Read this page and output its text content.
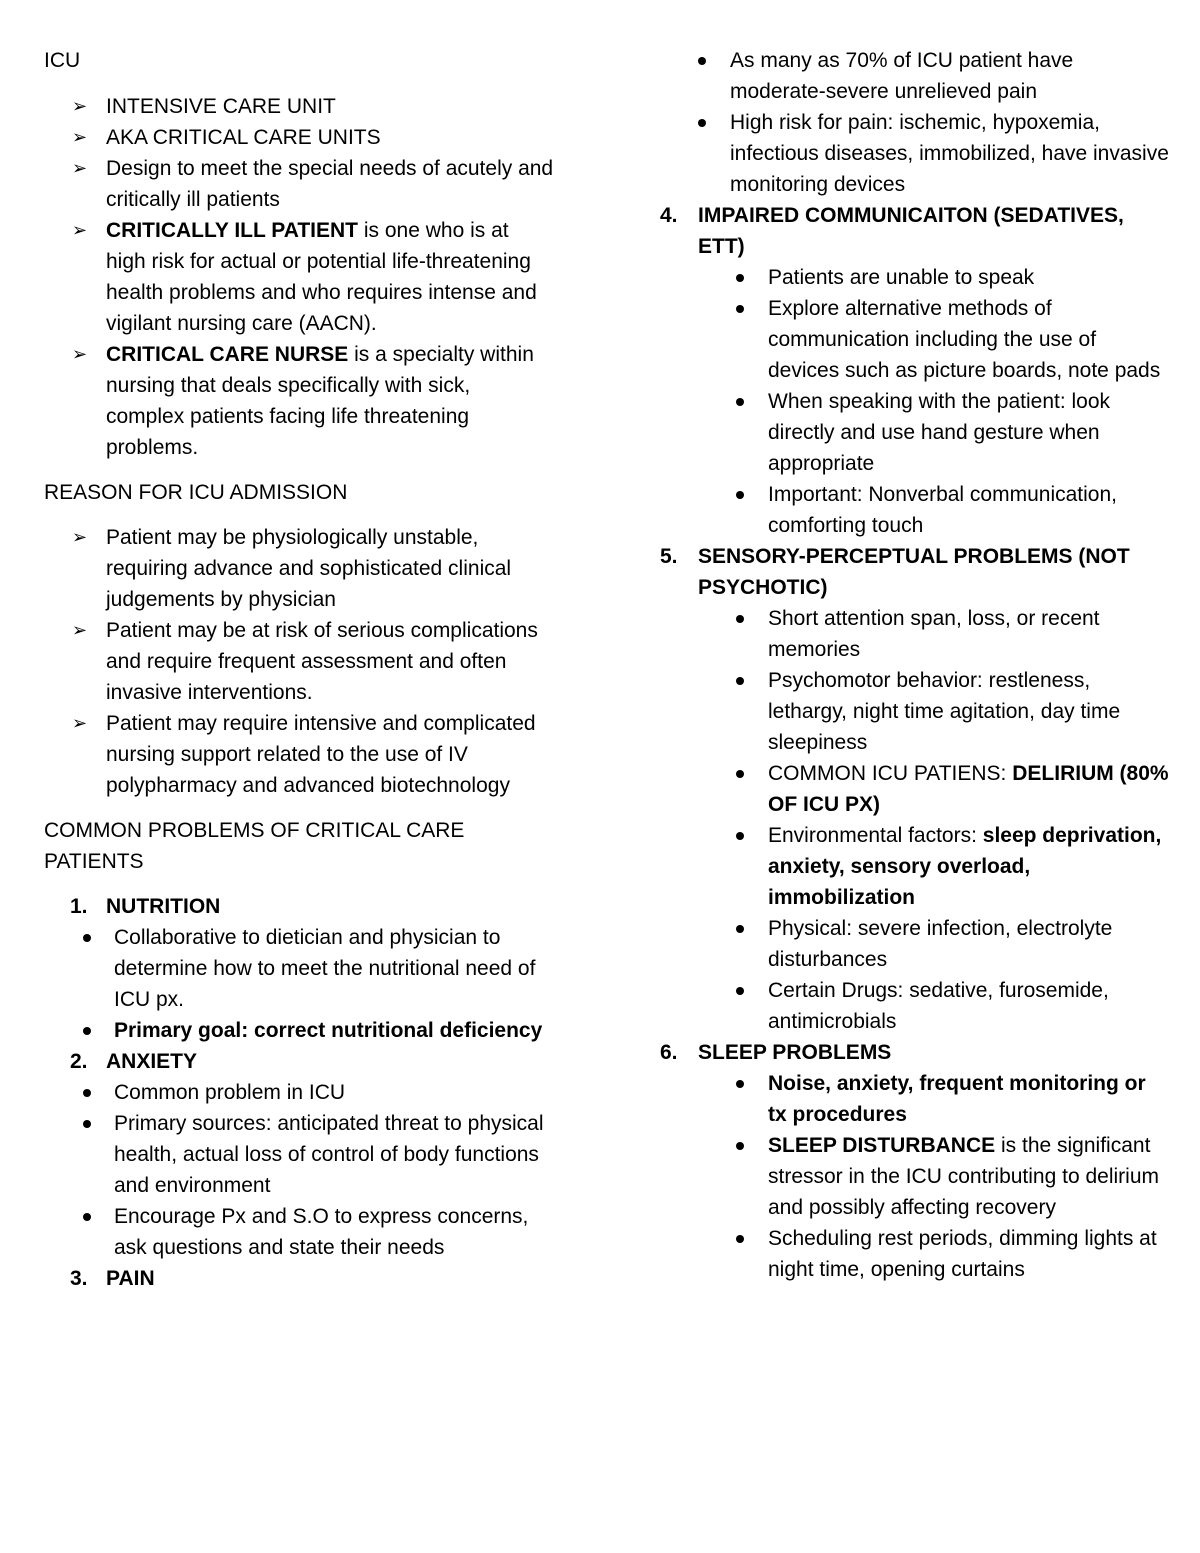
ICU

➢ INTENSIVE CARE UNIT
➢ AKA CRITICAL CARE UNITS
➢ Design to meet the special needs of acutely and critically ill patients
➢ CRITICALLY ILL PATIENT is one who is at high risk for actual or potential life-threatening health problems and who requires intense and vigilant nursing care (AACN).
➢ CRITICAL CARE NURSE is a specialty within nursing that deals specifically with sick, complex patients facing life threatening problems.

REASON FOR ICU ADMISSION

➢ Patient may be physiologically unstable, requiring advance and sophisticated clinical judgements by physician
➢ Patient may be at risk of serious complications and require frequent assessment and often invasive interventions.
➢ Patient may require intensive and complicated nursing support related to the use of IV polypharmacy and advanced biotechnology

COMMON PROBLEMS OF CRITICAL CARE PATIENTS

1. NUTRITION
Collaborative to dietician and physician to determine how to meet the nutritional need of ICU px.
Primary goal: correct nutritional deficiency
2. ANXIETY
Common problem in ICU
Primary sources: anticipated threat to physical health, actual loss of control of body functions and environment
Encourage Px and S.O to express concerns, ask questions and state their needs
3. PAIN
As many as 70% of ICU patient have moderate-severe unrelieved pain
High risk for pain: ischemic, hypoxemia, infectious diseases, immobilized, have invasive monitoring devices
4. IMPAIRED COMMUNICAITON (SEDATIVES, ETT)
Patients are unable to speak
Explore alternative methods of communication including the use of devices such as picture boards, note pads
When speaking with the patient: look directly and use hand gesture when appropriate
Important: Nonverbal communication, comforting touch
5. SENSORY-PERCEPTUAL PROBLEMS (NOT PSYCHOTIC)
Short attention span, loss, or recent memories
Psychomotor behavior: restleness, lethargy, night time agitation, day time sleepiness
COMMON ICU PATIENS: DELIRIUM (80% OF ICU PX)
Environmental factors: sleep deprivation, anxiety, sensory overload, immobilization
Physical: severe infection, electrolyte disturbances
Certain Drugs: sedative, furosemide, antimicrobials
6. SLEEP PROBLEMS
Noise, anxiety, frequent monitoring or tx procedures
SLEEP DISTURBANCE is the significant stressor in the ICU contributing to delirium and possibly affecting recovery
Scheduling rest periods, dimming lights at night time, opening curtains
